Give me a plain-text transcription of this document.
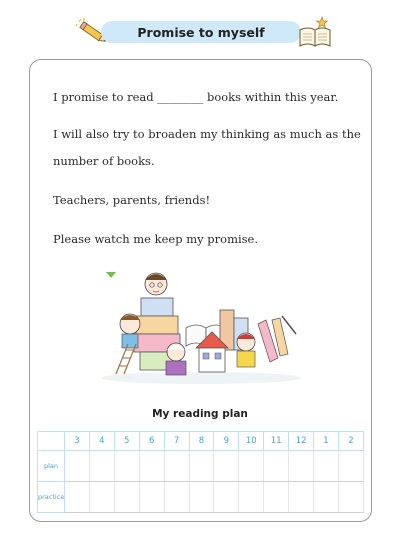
Promise to myself
I promise to read ________ books within this year.
I will also try to broaden my thinking as much as the
number of books.
Teachers, parents, friends!
Please watch me keep my promise.
My reading plan
	3	4	5	6	7	8	9	10	11	12	1	2
plan												
practice												
